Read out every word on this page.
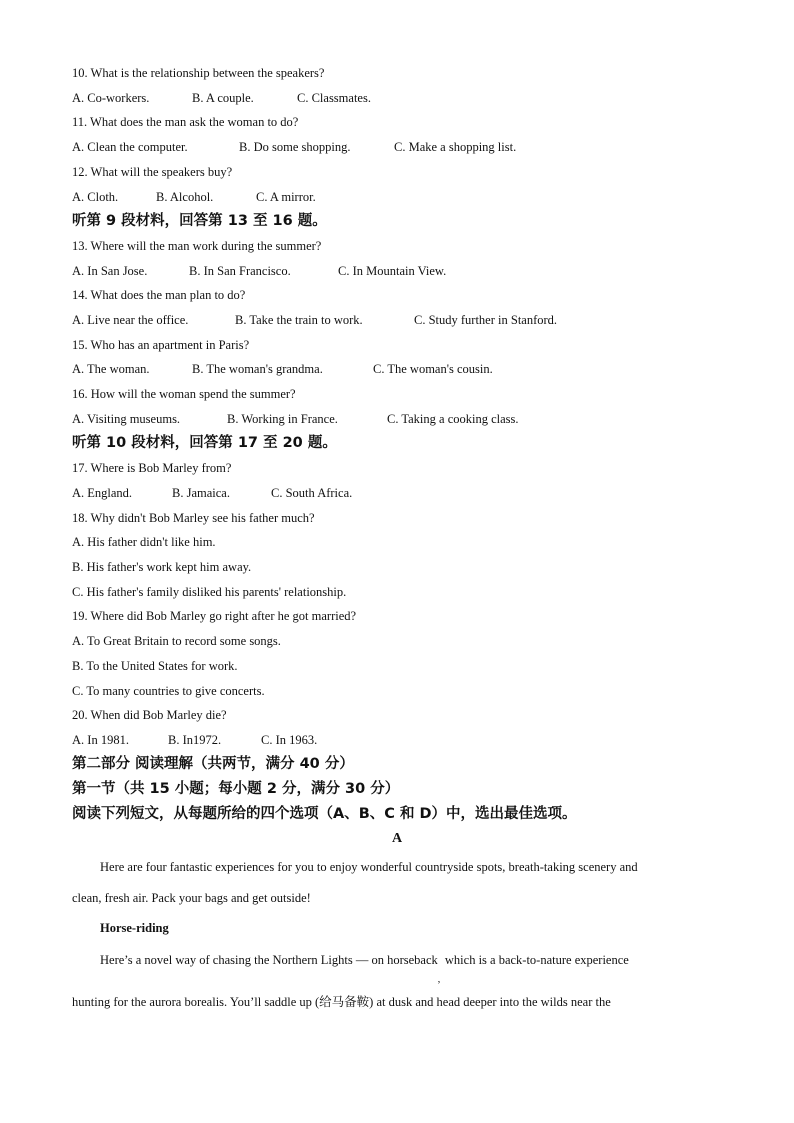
10. What is the relationship between the speakers?
A. Co-workers.	B. A couple.	C. Classmates.
11. What does the man ask the woman to do?
A. Clean the computer.	B. Do some shopping.	C. Make a shopping list.
12. What will the speakers buy?
A. Cloth.	B. Alcohol.	C. A mirror.
听第 9 段材料，回答第 13 至 16 题。
13. Where will the man work during the summer?
A. In San Jose.	B. In San Francisco.	C. In Mountain View.
14. What does the man plan to do?
A. Live near the office.	B. Take the train to work.	C. Study further in Stanford.
15. Who has an apartment in Paris?
A. The woman.	B. The woman's grandma.	C. The woman's cousin.
16. How will the woman spend the summer?
A. Visiting museums.	B. Working in France.	C. Taking a cooking class.
听第 10 段材料，回答第 17 至 20 题。
17. Where is Bob Marley from?
A. England.	B. Jamaica.	C. South Africa.
18. Why didn't Bob Marley see his father much?
A. His father didn't like him.
B. His father's work kept him away.
C. His father's family disliked his parents' relationship.
19. Where did Bob Marley go right after he got married?
A. To Great Britain to record some songs.
B. To the United States for work.
C. To many countries to give concerts.
20. When did Bob Marley die?
A. In 1981.	B. In1972.	C. In 1963.
第二部分 阅读理解（共两节，满分 40 分）
第一节（共 15 小题；每小题 2 分，满分 30 分）
阅读下列短文，从每题所给的四个选项（A、B、C 和 D）中，选出最佳选项。
A
Here are four fantastic experiences for you to enjoy wonderful countryside spots, breath-taking scenery and
clean, fresh air. Pack your bags and get outside!
Horse-riding
Here’s a novel way of chasing the Northern Lights — on horseback
,
which is a back-to-nature experience
hunting for the aurora borealis. You’ll saddle up (给马备鞍) at dusk and head deeper into the wilds near the
